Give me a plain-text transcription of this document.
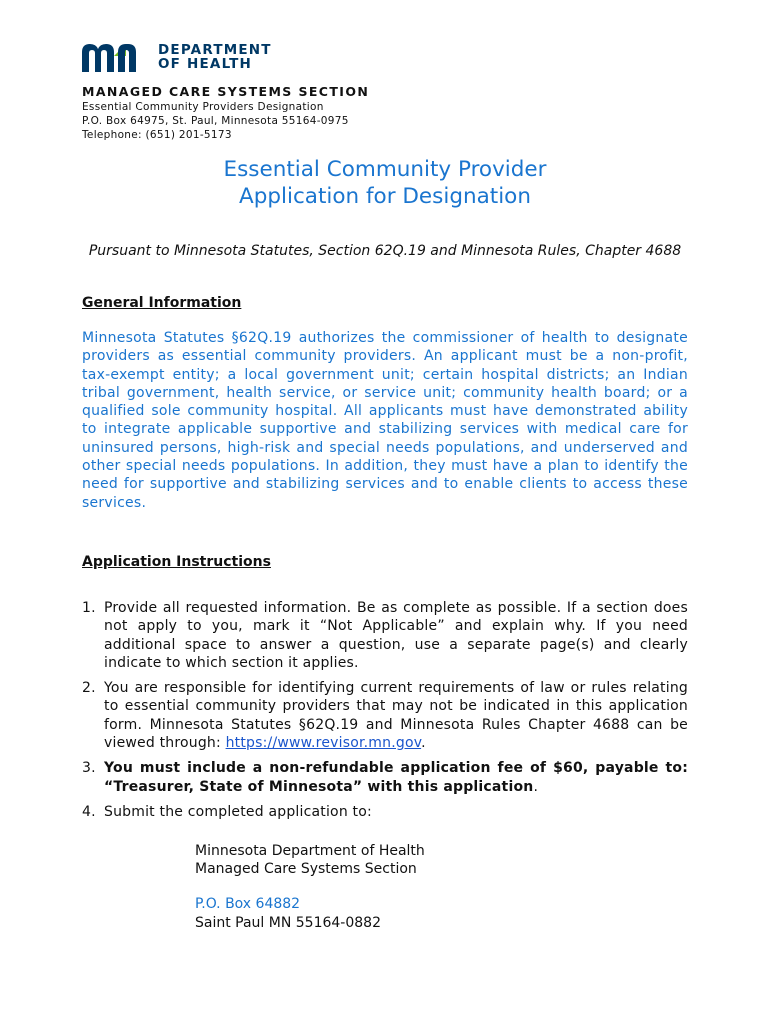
DEPARTMENT
OF HEALTH
MANAGED CARE SYSTEMS SECTION
Essential Community Providers Designation
P.O. Box 64975, St. Paul, Minnesota 55164-0975
Telephone: (651) 201-5173
Essential Community Provider
Application for Designation
Pursuant to Minnesota Statutes, Section 62Q.19 and Minnesota Rules, Chapter 4688
General Information
Minnesota Statutes §62Q.19 authorizes the commissioner of health to designate providers as essential community providers. An applicant must be a non-profit, tax-exempt entity; a local government unit; certain hospital districts; an Indian tribal government, health service, or service unit; community health board; or a qualified sole community hospital. All applicants must have demonstrated ability to integrate applicable supportive and stabilizing services with medical care for uninsured persons, high-risk and special needs populations, and underserved and other special needs populations. In addition, they must have a plan to identify the need for supportive and stabilizing services and to enable clients to access these services.
Application Instructions
1. Provide all requested information. Be as complete as possible. If a section does not apply to you, mark it “Not Applicable” and explain why. If you need additional space to answer a question, use a separate page(s) and clearly indicate to which section it applies.
2. You are responsible for identifying current requirements of law or rules relating to essential community providers that may not be indicated in this application form. Minnesota Statutes §62Q.19 and Minnesota Rules Chapter 4688 can be viewed through: https://www.revisor.mn.gov.
3. You must include a non-refundable application fee of $60, payable to: “Treasurer, State of Minnesota” with this application.
4. Submit the completed application to:
Minnesota Department of Health
Managed Care Systems Section
P.O. Box 64882
Saint Paul MN 55164-0882
